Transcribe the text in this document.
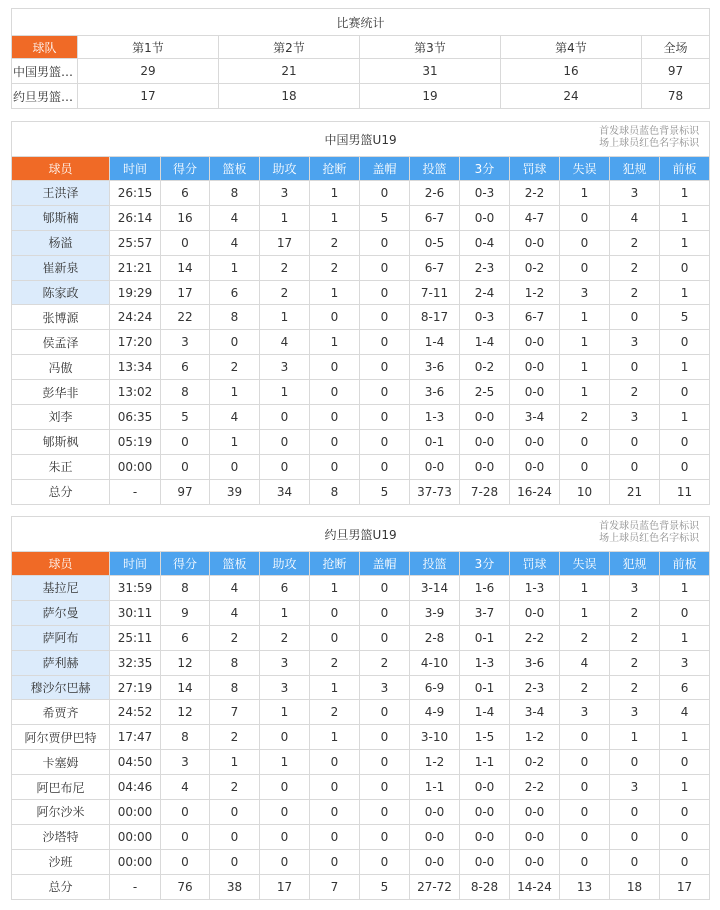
比赛统计					
球队	第1节	第2节	第3节	第4节	全场
中国男篮…	29	21	31	16	97
约旦男篮…	17	18	19	24	78
中国男篮U19
首发球员蓝色背景标识
场上球员红色名字标识												

球员	时间	得分	篮板	助攻	抢断	盖帽	投篮	3分	罚球	失误	犯规	前板
王洪泽	26:15	6	8	3	1	0	2-6	0-3	2-2	1	3	1
郇斯楠	26:14	16	4	1	1	5	6-7	0-0	4-7	0	4	1
杨溢	25:57	0	4	17	2	0	0-5	0-4	0-0	0	2	1
崔新泉	21:21	14	1	2	2	0	6-7	2-3	0-2	0	2	0
陈家政	19:29	17	6	2	1	0	7-11	2-4	1-2	3	2	1
张博源	24:24	22	8	1	0	0	8-17	0-3	6-7	1	0	5
侯孟泽	17:20	3	0	4	1	0	1-4	1-4	0-0	1	3	0
冯傲	13:34	6	2	3	0	0	3-6	0-2	0-0	1	0	1
彭华非	13:02	8	1	1	0	0	3-6	2-5	0-0	1	2	0
刘李	06:35	5	4	0	0	0	1-3	0-0	3-4	2	3	1
郇斯枫	05:19	0	1	0	0	0	0-1	0-0	0-0	0	0	0
朱正	00:00	0	0	0	0	0	0-0	0-0	0-0	0	0	0
总分	-	97	39	34	8	5	37-73	7-28	16-24	10	21	11
约旦男篮U19
首发球员蓝色背景标识
场上球员红色名字标识												

球员	时间	得分	篮板	助攻	抢断	盖帽	投篮	3分	罚球	失误	犯规	前板
基拉尼	31:59	8	4	6	1	0	3-14	1-6	1-3	1	3	1
萨尔曼	30:11	9	4	1	0	0	3-9	3-7	0-0	1	2	0
萨阿布	25:11	6	2	2	0	0	2-8	0-1	2-2	2	2	1
萨利赫	32:35	12	8	3	2	2	4-10	1-3	3-6	4	2	3
穆沙尔巴赫	27:19	14	8	3	1	3	6-9	0-1	2-3	2	2	6
希贾齐	24:52	12	7	1	2	0	4-9	1-4	3-4	3	3	4
阿尔贾伊巴特	17:47	8	2	0	1	0	3-10	1-5	1-2	0	1	1
卡塞姆	04:50	3	1	1	0	0	1-2	1-1	0-2	0	0	0
阿巴布尼	04:46	4	2	0	0	0	1-1	0-0	2-2	0	3	1
阿尔沙米	00:00	0	0	0	0	0	0-0	0-0	0-0	0	0	0
沙塔特	00:00	0	0	0	0	0	0-0	0-0	0-0	0	0	0
沙班	00:00	0	0	0	0	0	0-0	0-0	0-0	0	0	0
总分	-	76	38	17	7	5	27-72	8-28	14-24	13	18	17
